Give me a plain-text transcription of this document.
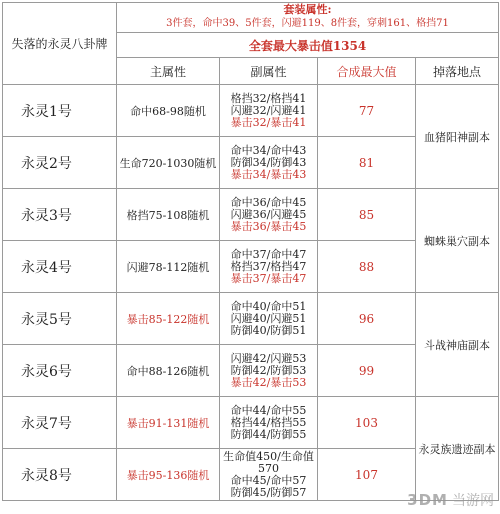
失落的永灵八卦牌	套装属性:
3件套，命中39、5件套，闪避119、8件套，穿刺161、格挡71			

	全套最大暴击值1354			
	主属性	副属性	合成最大值	掉落地点
永灵1号	命中68-98随机	格挡32/格挡41
闪避32/闪避41
暴击32/暴击41	77	血猪阳神副本
永灵2号	生命720-1030随机	命中34/命中43
防御34/防御43
暴击34/暴击43	81	
永灵3号	格挡75-108随机	命中36/命中45
闪避36/闪避45
暴击36/暴击45	85	蜘蛛巢穴副本
永灵4号	闪避78-112随机	命中37/命中47
格挡37/格挡47
暴击37/暴击47	88	
永灵5号	暴击85-122随机	命中40/命中51
闪避40/闪避51
防御40/防御51	96	斗战神庙副本
永灵6号	命中88-126随机	闪避42/闪避53
防御42/防御53
暴击42/暴击53	99	
永灵7号	暴击91-131随机	命中44/命中55
格挡44/格挡55
防御44/防御55	103	永灵族遗迹副本
永灵8号	暴击95-136随机	生命值450/生命值
570
命中45/命中57
防御45/防御57	107	
3DM 当游网
